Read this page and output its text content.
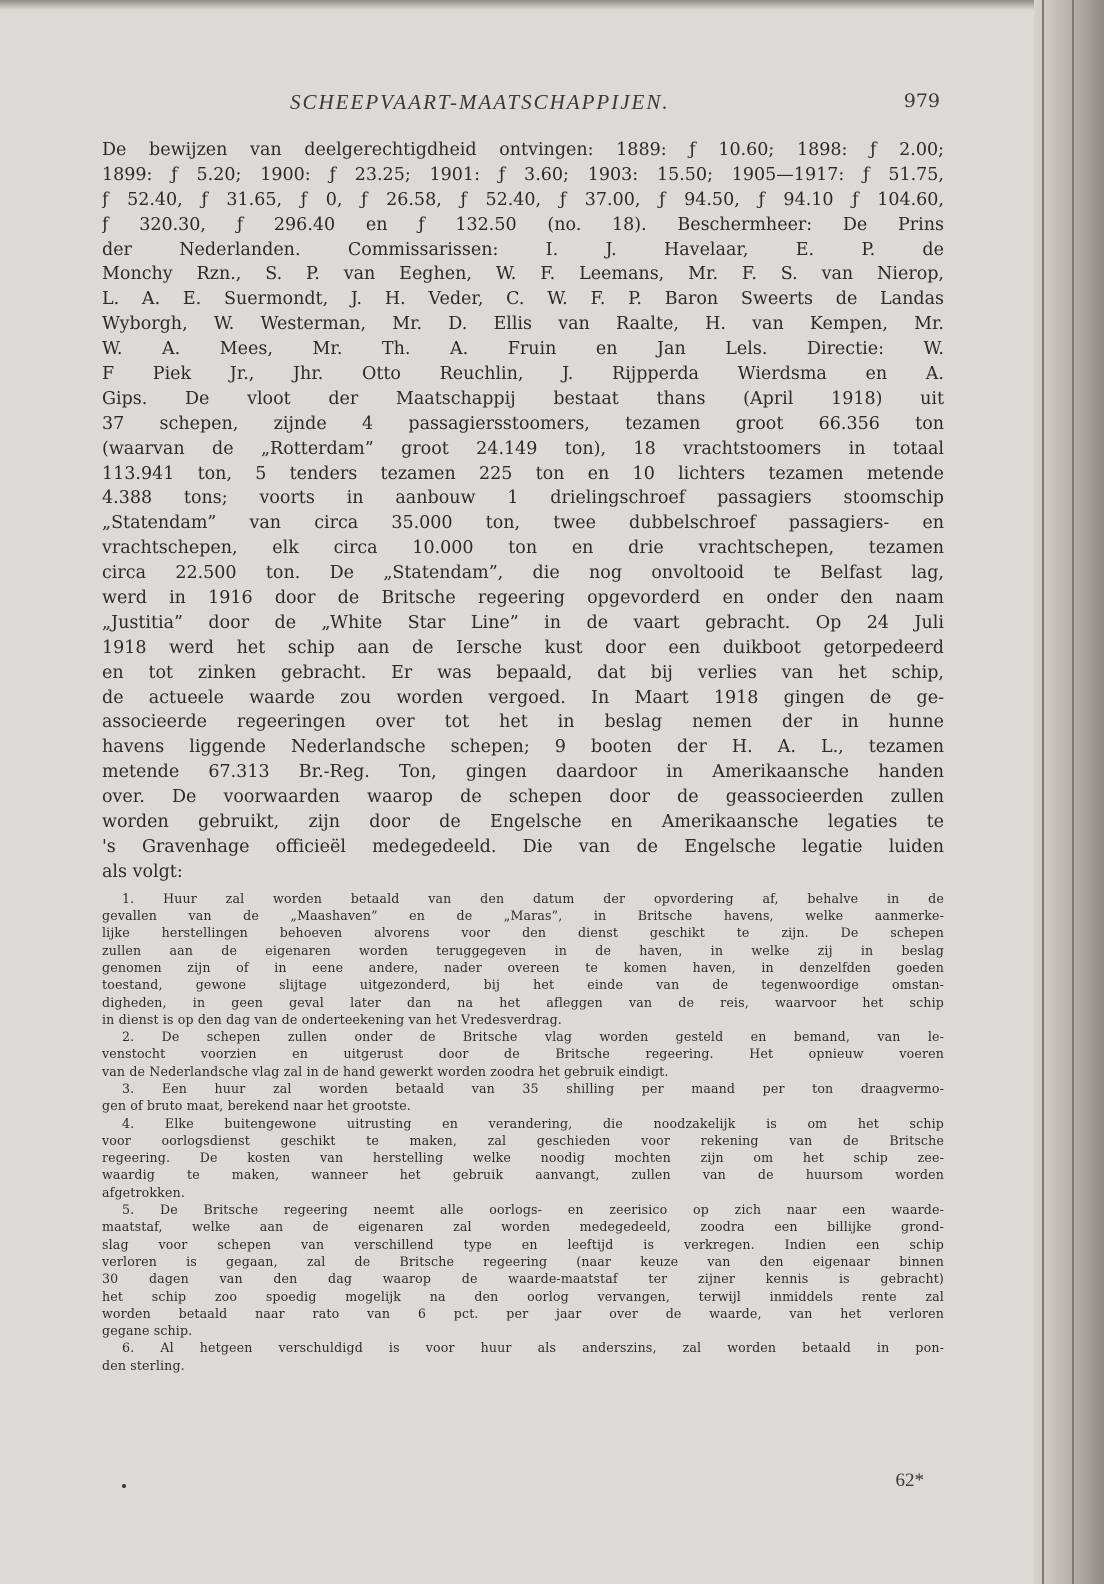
SCHEEPVAART-MAATSCHAPPIJEN.	979
De bewijzen van deelgerechtigdheid ontvingen: 1889: ƒ 10.60; 1898: ƒ 2.00;
1899: ƒ 5.20; 1900: ƒ 23.25; 1901: ƒ 3.60; 1903: 15.50; 1905—1917: ƒ 51.75,
ƒ 52.40, ƒ 31.65, ƒ 0, ƒ 26.58, ƒ 52.40, ƒ 37.00, ƒ 94.50, ƒ 94.10 ƒ 104.60,
ƒ 320.30, ƒ 296.40 en ƒ 132.50 (no. 18). Beschermheer: De Prins
der Nederlanden. Commissarissen: I. J. Havelaar, E. P. de
Monchy Rzn., S. P. van Eeghen, W. F. Leemans, Mr. F. S. van Nierop,
L. A. E. Suermondt, J. H. Veder, C. W. F. P. Baron Sweerts de Landas
Wyborgh, W. Westerman, Mr. D. Ellis van Raalte, H. van Kempen, Mr.
W. A. Mees, Mr. Th. A. Fruin en Jan Lels. Directie: W.
F Piek Jr., Jhr. Otto Reuchlin, J. Rijpperda Wierdsma en A.
Gips. De vloot der Maatschappij bestaat thans (April 1918) uit
37 schepen, zijnde 4 passagiersstoomers, tezamen groot 66.356 ton
(waarvan de „Rotterdam” groot 24.149 ton), 18 vrachtstoomers in totaal
113.941 ton, 5 tenders tezamen 225 ton en 10 lichters tezamen metende
4.388 tons; voorts in aanbouw 1 drielingschroef passagiers stoomschip
„Statendam” van circa 35.000 ton, twee dubbelschroef passagiers- en
vrachtschepen, elk circa 10.000 ton en drie vrachtschepen, tezamen
circa 22.500 ton. De „Statendam”, die nog onvoltooid te Belfast lag,
werd in 1916 door de Britsche regeering opgevorderd en onder den naam
„Justitia” door de „White Star Line” in de vaart gebracht. Op 24 Juli
1918 werd het schip aan de Iersche kust door een duikboot getorpedeerd
en tot zinken gebracht. Er was bepaald, dat bij verlies van het schip,
de actueele waarde zou worden vergoed. In Maart 1918 gingen de ge-
associeerde regeeringen over tot het in beslag nemen der in hunne
havens liggende Nederlandsche schepen; 9 booten der H. A. L., tezamen
metende 67.313 Br.-Reg. Ton, gingen daardoor in Amerikaansche handen
over. De voorwaarden waarop de schepen door de geassocieerden zullen
worden gebruikt, zijn door de Engelsche en Amerikaansche legaties te
's Gravenhage officieël medegedeeld. Die van de Engelsche legatie luiden
als volgt:
1. Huur zal worden betaald van den datum der opvordering af, behalve in de
gevallen van de „Maashaven” en de „Maras”, in Britsche havens, welke aanmerke-
lijke herstellingen behoeven alvorens voor den dienst geschikt te zijn. De schepen
zullen aan de eigenaren worden teruggegeven in de haven, in welke zij in beslag
genomen zijn of in eene andere, nader overeen te komen haven, in denzelfden goeden
toestand, gewone slijtage uitgezonderd, bij het einde van de tegenwoordige omstan-
digheden, in geen geval later dan na het afleggen van de reis, waarvoor het schip
in dienst is op den dag van de onderteekening van het Vredesverdrag.
2. De schepen zullen onder de Britsche vlag worden gesteld en bemand, van le-
venstocht voorzien en uitgerust door de Britsche regeering. Het opnieuw voeren
van de Nederlandsche vlag zal in de hand gewerkt worden zoodra het gebruik eindigt.
3. Een huur zal worden betaald van 35 shilling per maand per ton draagvermo-
gen of bruto maat, berekend naar het grootste.
4. Elke buitengewone uitrusting en verandering, die noodzakelijk is om het schip
voor oorlogsdienst geschikt te maken, zal geschieden voor rekening van de Britsche
regeering. De kosten van herstelling welke noodig mochten zijn om het schip zee-
waardig te maken, wanneer het gebruik aanvangt, zullen van de huursom worden
afgetrokken.
5. De Britsche regeering neemt alle oorlogs- en zeerisico op zich naar een waarde-
maatstaf, welke aan de eigenaren zal worden medegedeeld, zoodra een billijke grond-
slag voor schepen van verschillend type en leeftijd is verkregen. Indien een schip
verloren is gegaan, zal de Britsche regeering (naar keuze van den eigenaar binnen
30 dagen van den dag waarop de waarde-maatstaf ter zijner kennis is gebracht)
het schip zoo spoedig mogelijk na den oorlog vervangen, terwijl inmiddels rente zal
worden betaald naar rato van 6 pct. per jaar over de waarde, van het verloren
gegane schip.
6. Al hetgeen verschuldigd is voor huur als anderszins, zal worden betaald in pon-
den sterling.
62*
